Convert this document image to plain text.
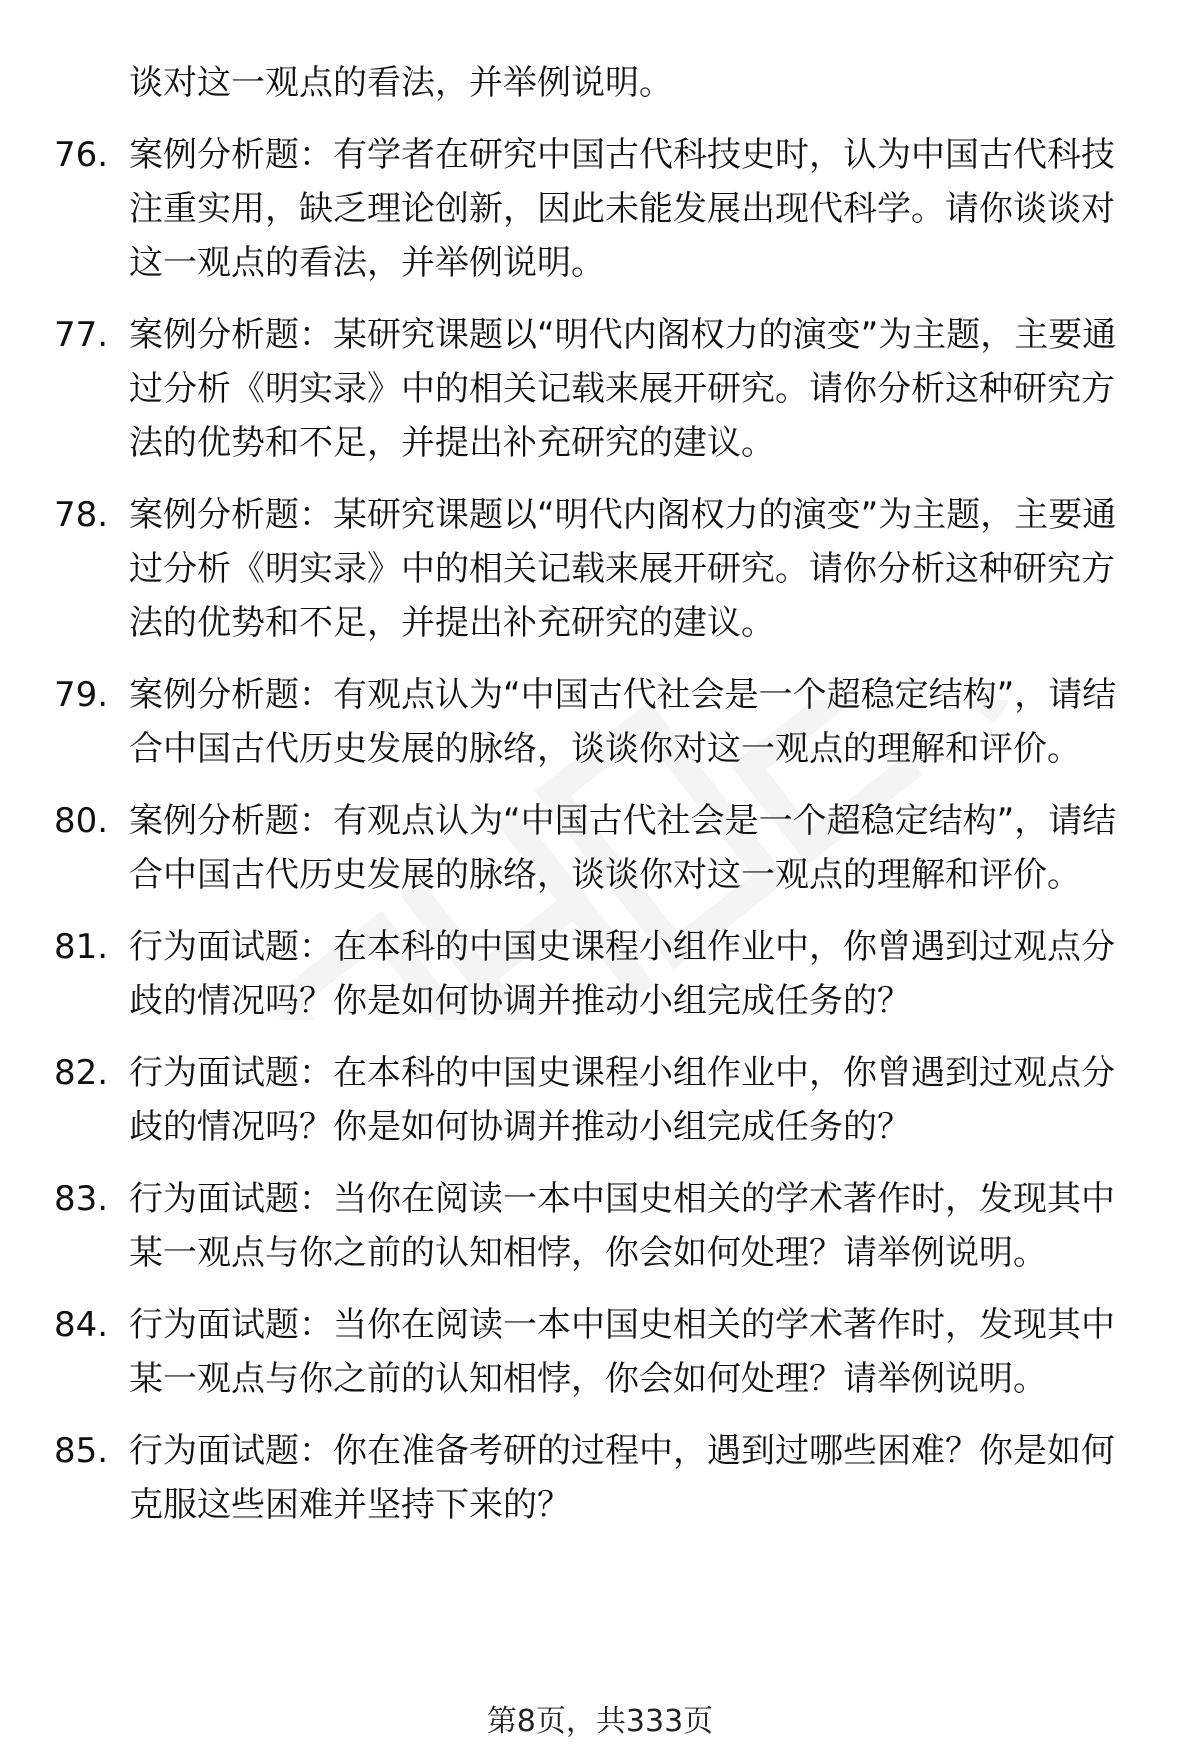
谈对这一观点的看法，并举例说明。

76. 案例分析题：有学者在研究中国古代科技史时，认为中国古代科技注重实用，缺乏理论创新，因此未能发展出现代科学。请你谈谈对这一观点的看法，并举例说明。

77. 案例分析题：某研究课题以“明代内阁权力的演变”为主题，主要通过分析《明实录》中的相关记载来展开研究。请你分析这种研究方法的优势和不足，并提出补充研究的建议。

78. 案例分析题：某研究课题以“明代内阁权力的演变”为主题，主要通过分析《明实录》中的相关记载来展开研究。请你分析这种研究方法的优势和不足，并提出补充研究的建议。

79. 案例分析题：有观点认为“中国古代社会是一个超稳定结构”，请结合中国古代历史发展的脉络，谈谈你对这一观点的理解和评价。

80. 案例分析题：有观点认为“中国古代社会是一个超稳定结构”，请结合中国古代历史发展的脉络，谈谈你对这一观点的理解和评价。

81. 行为面试题：在本科的中国史课程小组作业中，你曾遇到过观点分歧的情况吗？你是如何协调并推动小组完成任务的？

82. 行为面试题：在本科的中国史课程小组作业中，你曾遇到过观点分歧的情况吗？你是如何协调并推动小组完成任务的？

83. 行为面试题：当你在阅读一本中国史相关的学术著作时，发现其中某一观点与你之前的认知相悖，你会如何处理？请举例说明。

84. 行为面试题：当你在阅读一本中国史相关的学术著作时，发现其中某一观点与你之前的认知相悖，你会如何处理？请举例说明。

85. 行为面试题：你在准备考研的过程中，遇到过哪些困难？你是如何克服这些困难并坚持下来的？

第8页，共333页
